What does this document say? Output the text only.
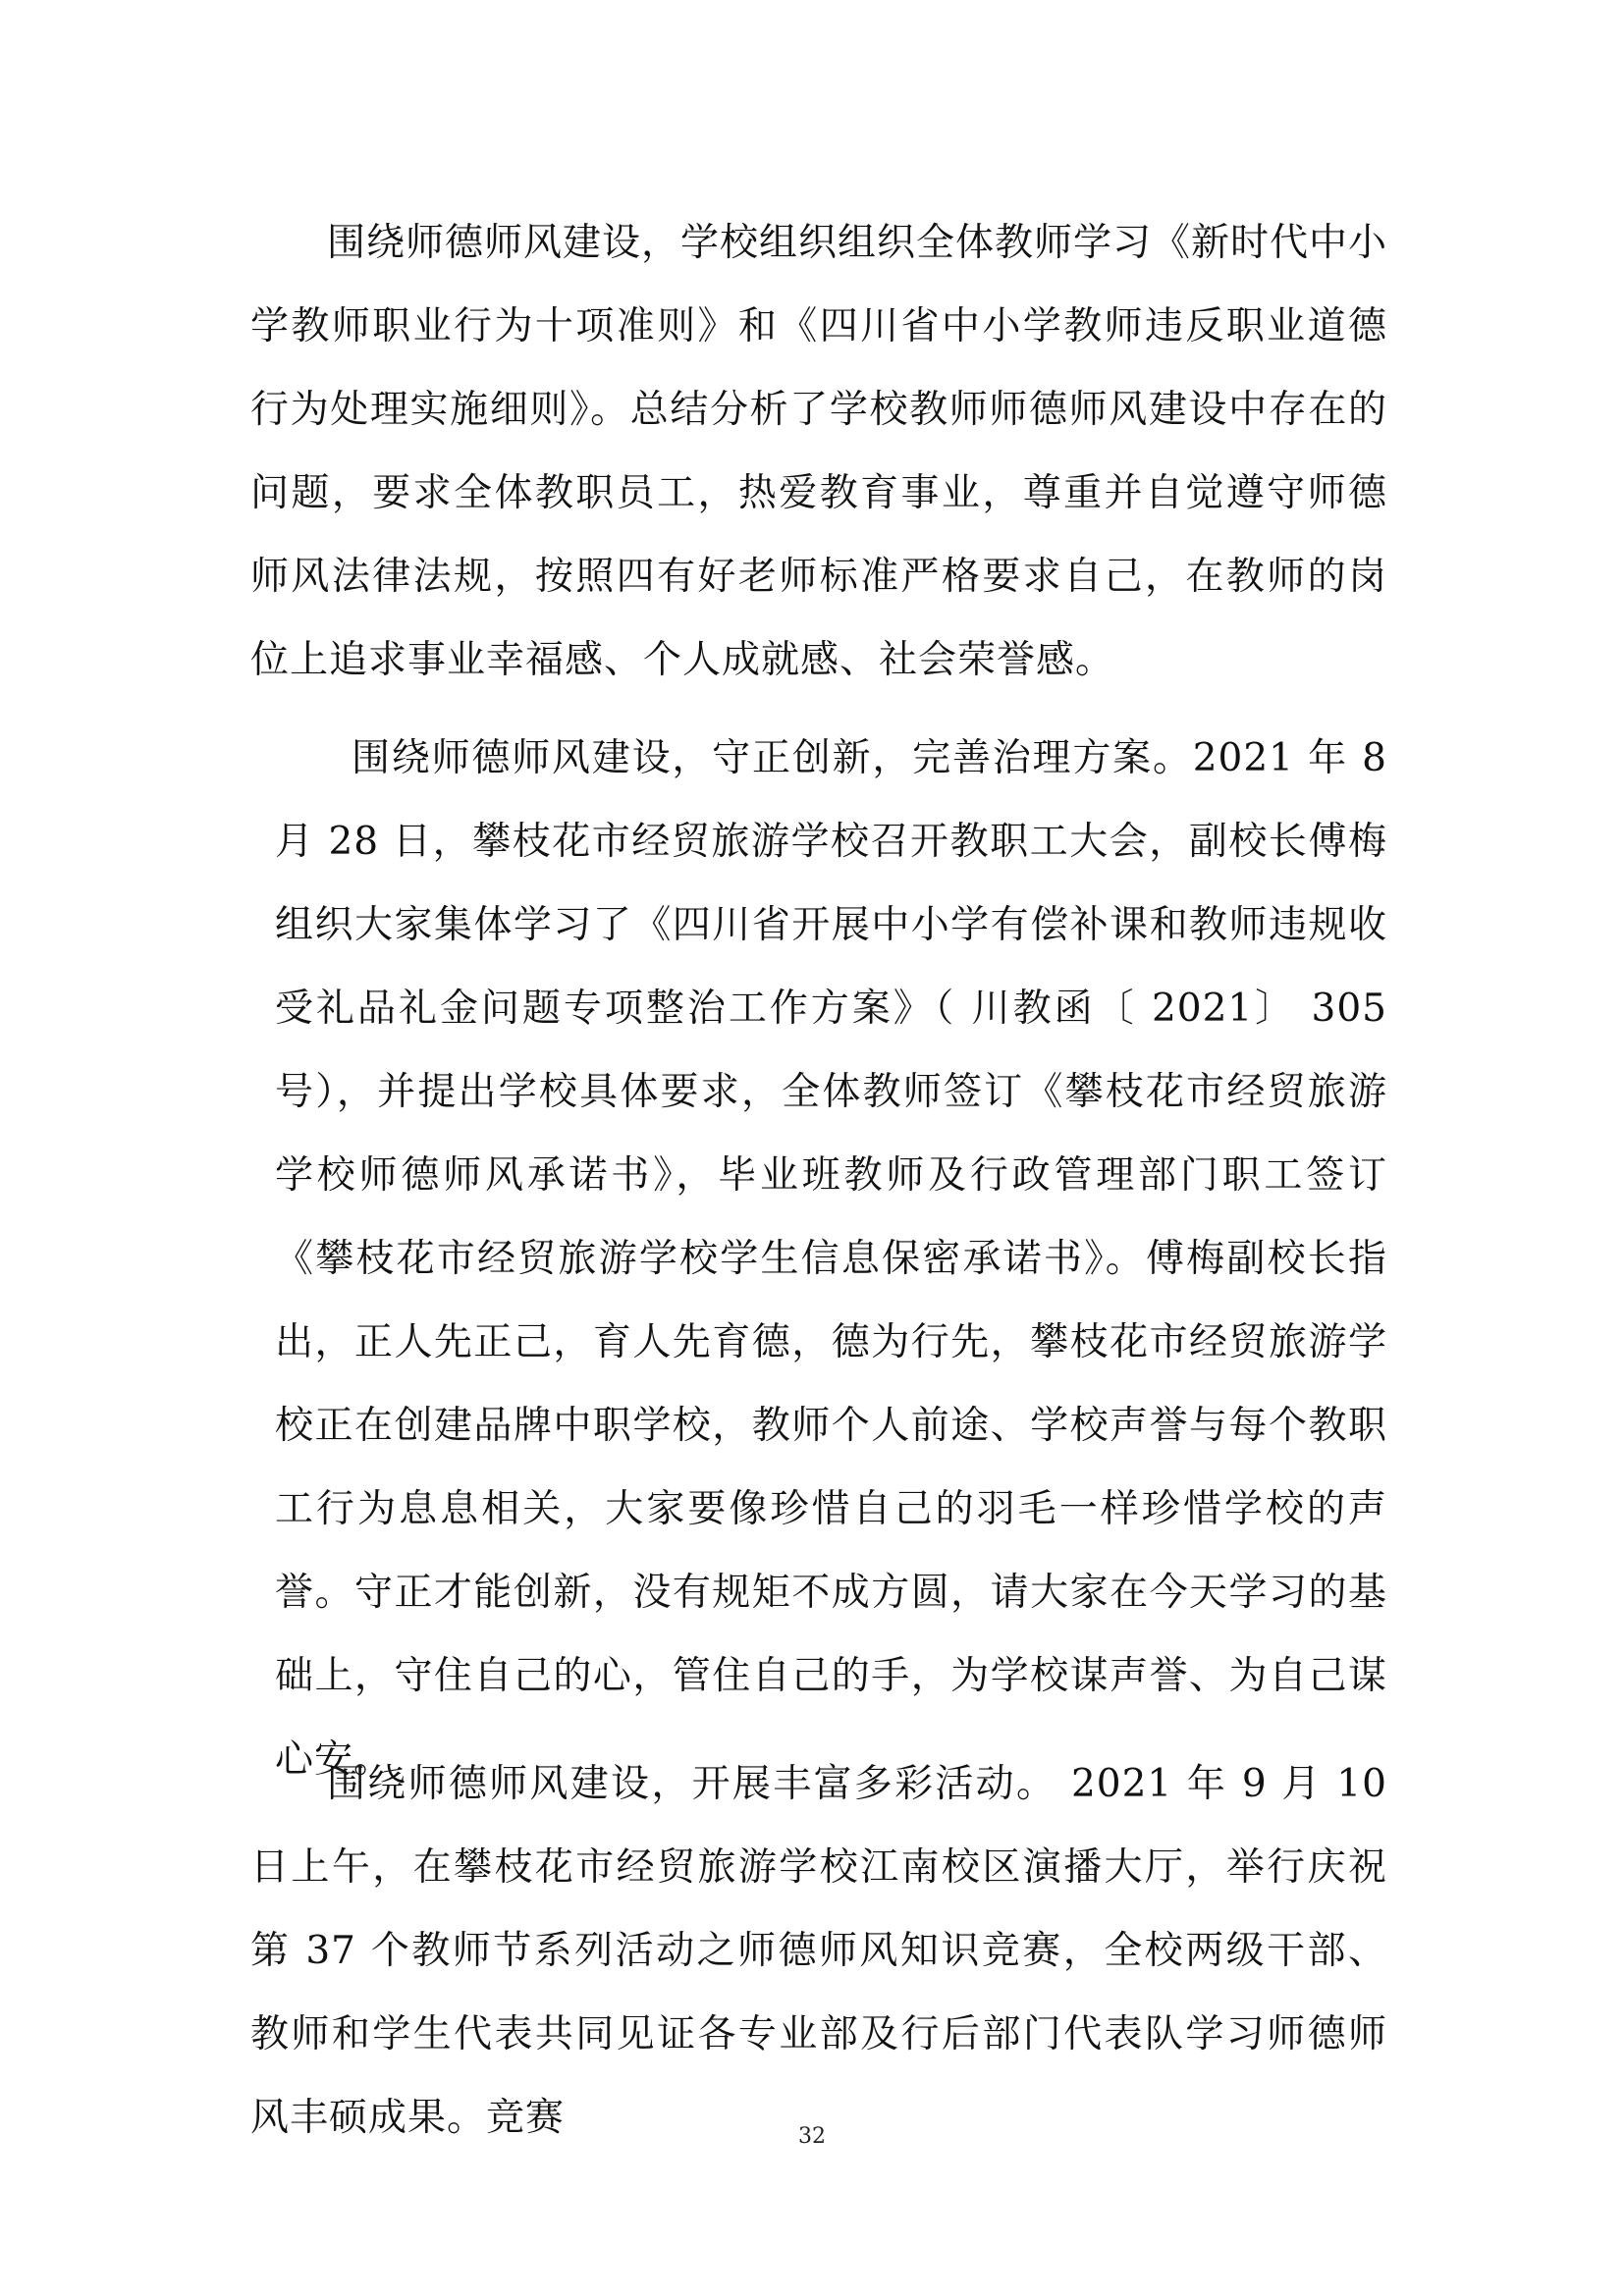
围绕师德师风建设，学校组织组织全体教师学习《新时代中小学教师职业行为十项准则》和《四川省中小学教师违反职业道德行为处理实施细则》。总结分析了学校教师师德师风建设中存在的问题，要求全体教职员工，热爱教育事业，尊重并自觉遵守师德师风法律法规，按照四有好老师标准严格要求自己，在教师的岗位上追求事业幸福感、个人成就感、社会荣誉感。

围绕师德师风建设，守正创新，完善治理方案。2021 年 8 月 28 日，攀枝花市经贸旅游学校召开教职工大会，副校长傅梅组织大家集体学习了《四川省开展中小学有偿补课和教师违规收受礼品礼金问题专项整治工作方案》（ 川教函〔 2021〕 305 号），并提出学校具体要求，全体教师签订《攀枝花市经贸旅游学校师德师风承诺书》，毕业班教师及行政管理部门职工签订《攀枝花市经贸旅游学校学生信息保密承诺书》。傅梅副校长指出，正人先正己，育人先育德，德为行先，攀枝花市经贸旅游学校正在创建品牌中职学校，教师个人前途、学校声誉与每个教职工行为息息相关，大家要像珍惜自己的羽毛一样珍惜学校的声誉。守正才能创新，没有规矩不成方圆，请大家在今天学习的基础上，守住自己的心，管住自己的手，为学校谋声誉、为自己谋心安。

围绕师德师风建设，开展丰富多彩活动。 2021 年 9 月 10 日上午，在攀枝花市经贸旅游学校江南校区演播大厅，举行庆祝第 37 个教师节系列活动之师德师风知识竞赛，全校两级干部、教师和学生代表共同见证各专业部及行后部门代表队学习师德师风丰硕成果。竞赛	32
